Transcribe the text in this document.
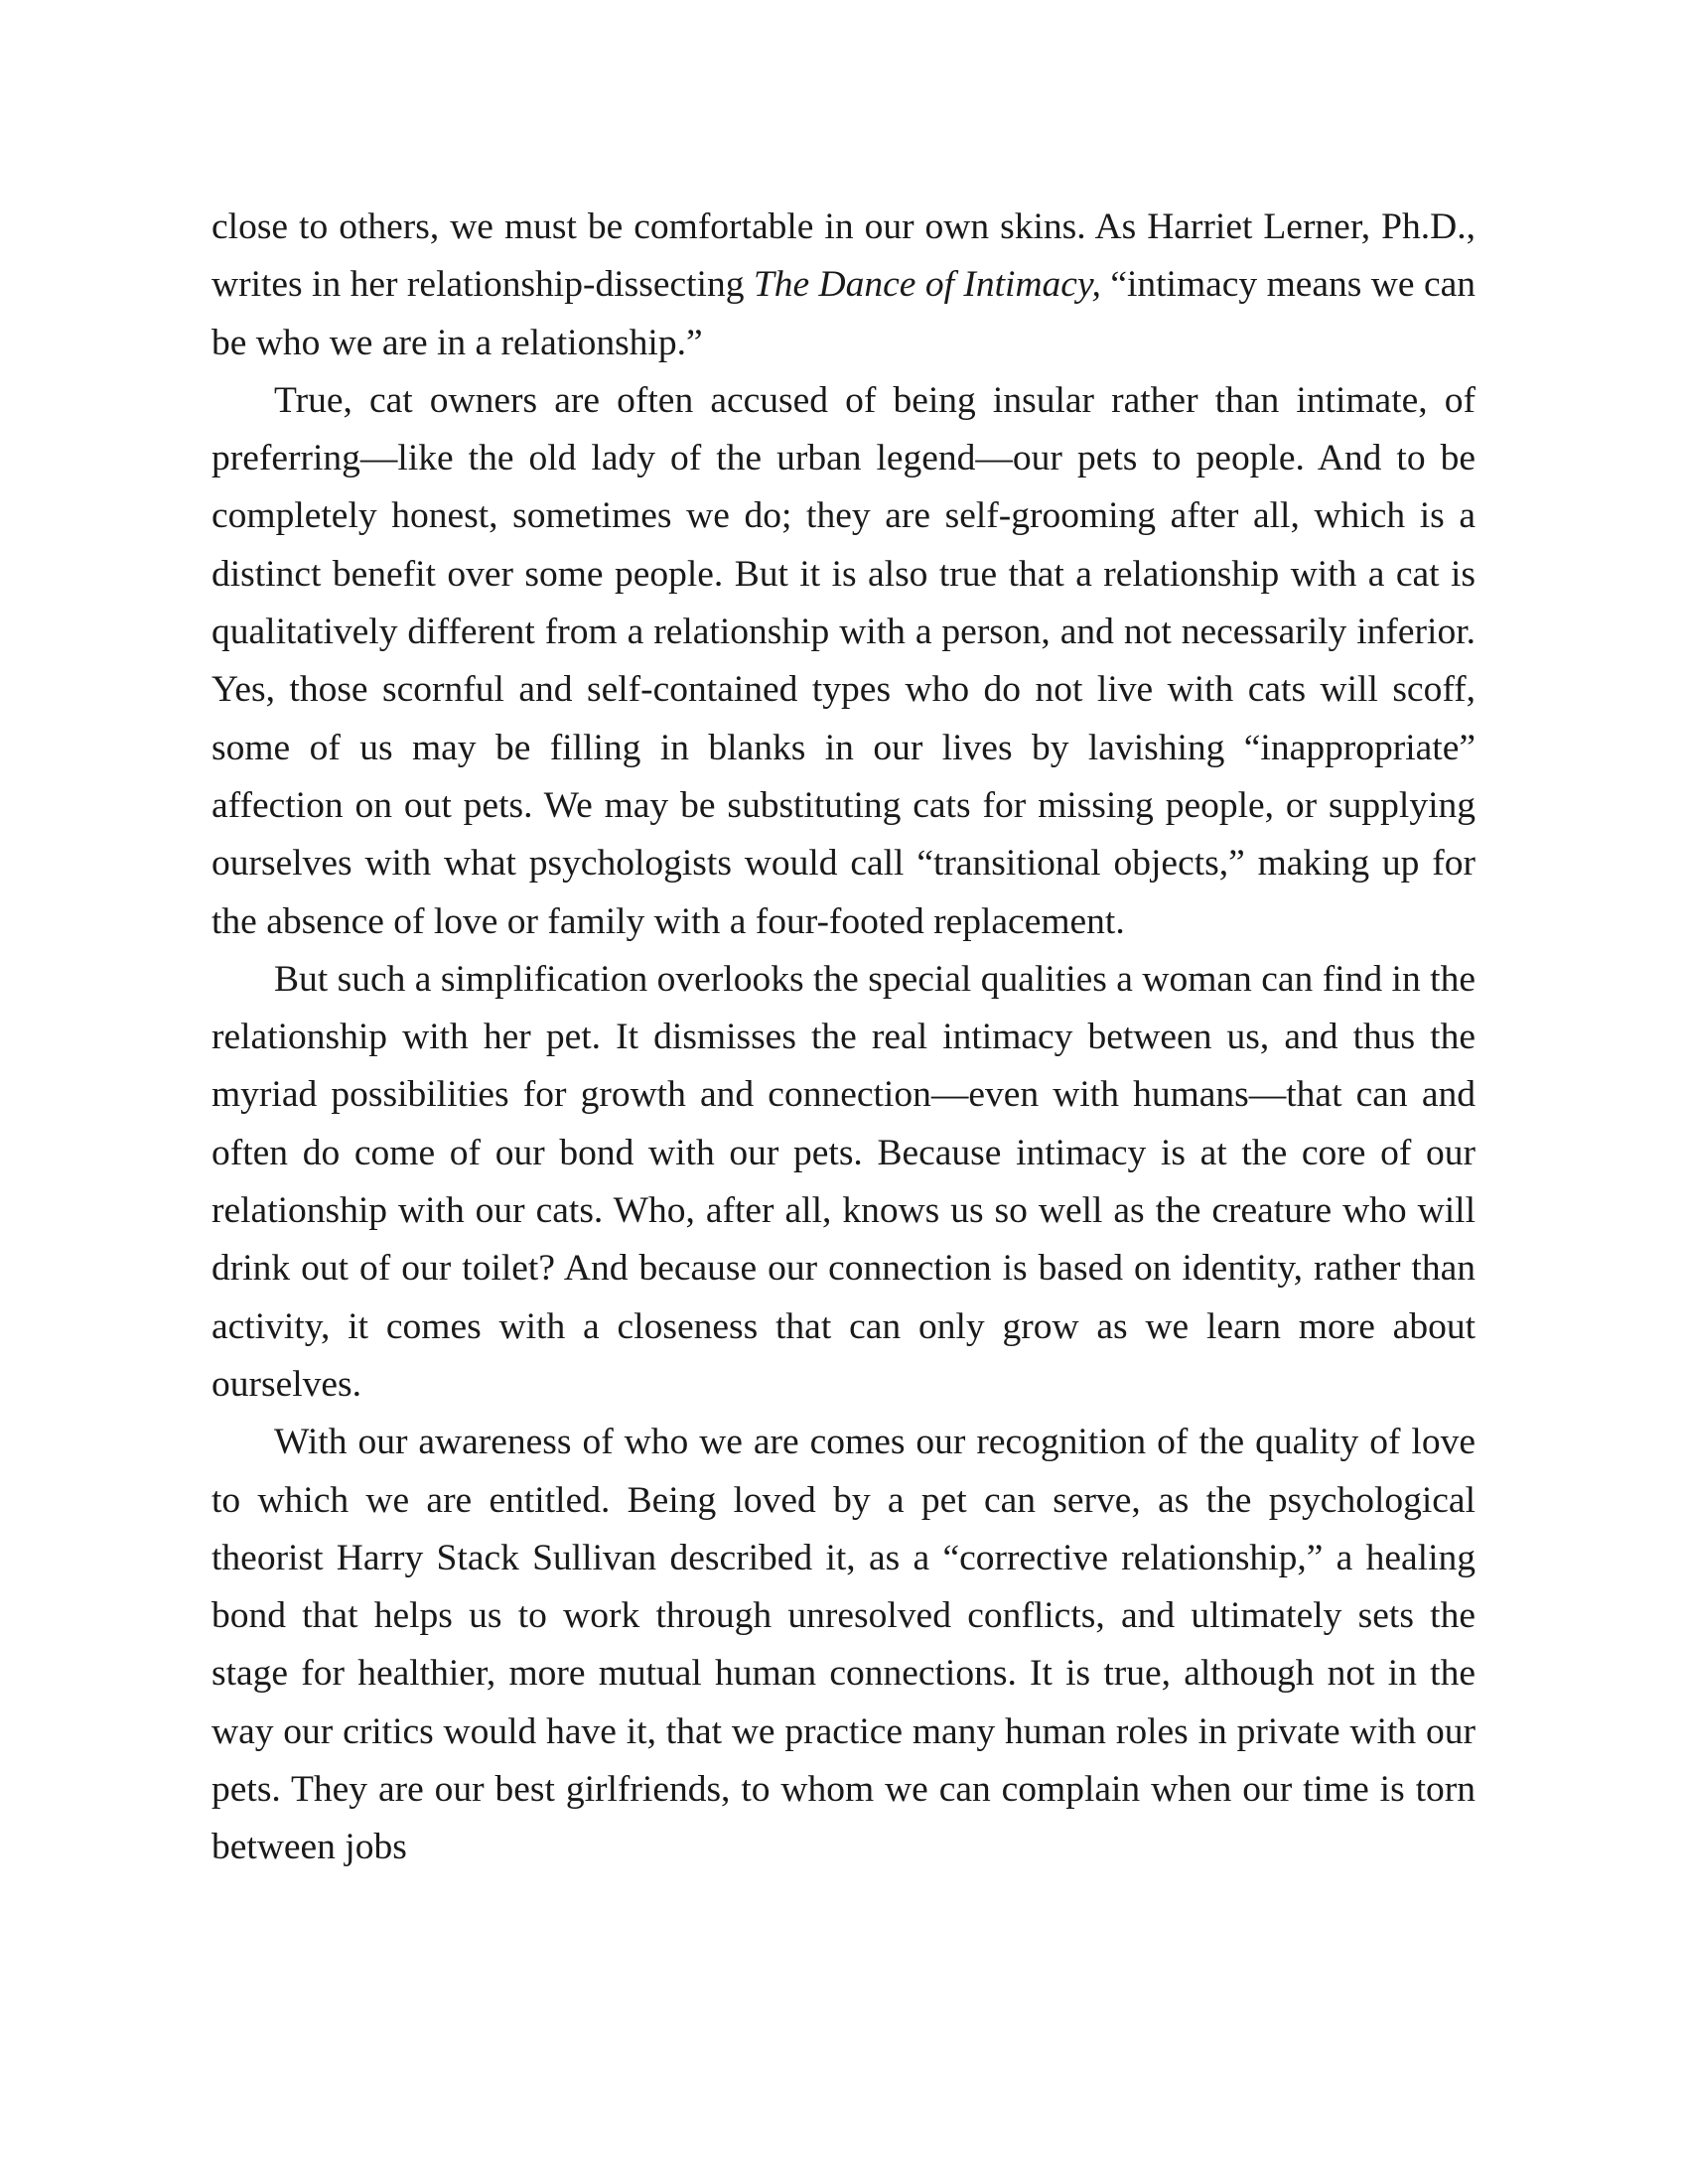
close to others, we must be comfortable in our own skins. As Harriet Lerner, Ph.D., writes in her relationship-dissecting The Dance of Intimacy, “intimacy means we can be who we are in a relationship.”

True, cat owners are often accused of being insular rather than intimate, of preferring—like the old lady of the urban legend—our pets to people. And to be completely honest, sometimes we do; they are self-grooming after all, which is a distinct benefit over some people. But it is also true that a relationship with a cat is qualitatively different from a relationship with a person, and not necessarily inferior. Yes, those scornful and self-contained types who do not live with cats will scoff, some of us may be filling in blanks in our lives by lavishing “inappropriate” affection on out pets. We may be substituting cats for missing people, or supplying ourselves with what psychologists would call “transitional objects,” making up for the absence of love or family with a four-footed replacement.

But such a simplification overlooks the special qualities a woman can find in the relationship with her pet. It dismisses the real intimacy between us, and thus the myriad possibilities for growth and connection—even with humans—that can and often do come of our bond with our pets. Because intimacy is at the core of our relationship with our cats. Who, after all, knows us so well as the creature who will drink out of our toilet? And because our connection is based on identity, rather than activity, it comes with a closeness that can only grow as we learn more about ourselves.

With our awareness of who we are comes our recognition of the quality of love to which we are entitled. Being loved by a pet can serve, as the psychological theorist Harry Stack Sullivan described it, as a “corrective relationship,” a healing bond that helps us to work through unresolved conflicts, and ultimately sets the stage for healthier, more mutual human connections. It is true, although not in the way our critics would have it, that we practice many human roles in private with our pets. They are our best girlfriends, to whom we can complain when our time is torn between jobs
